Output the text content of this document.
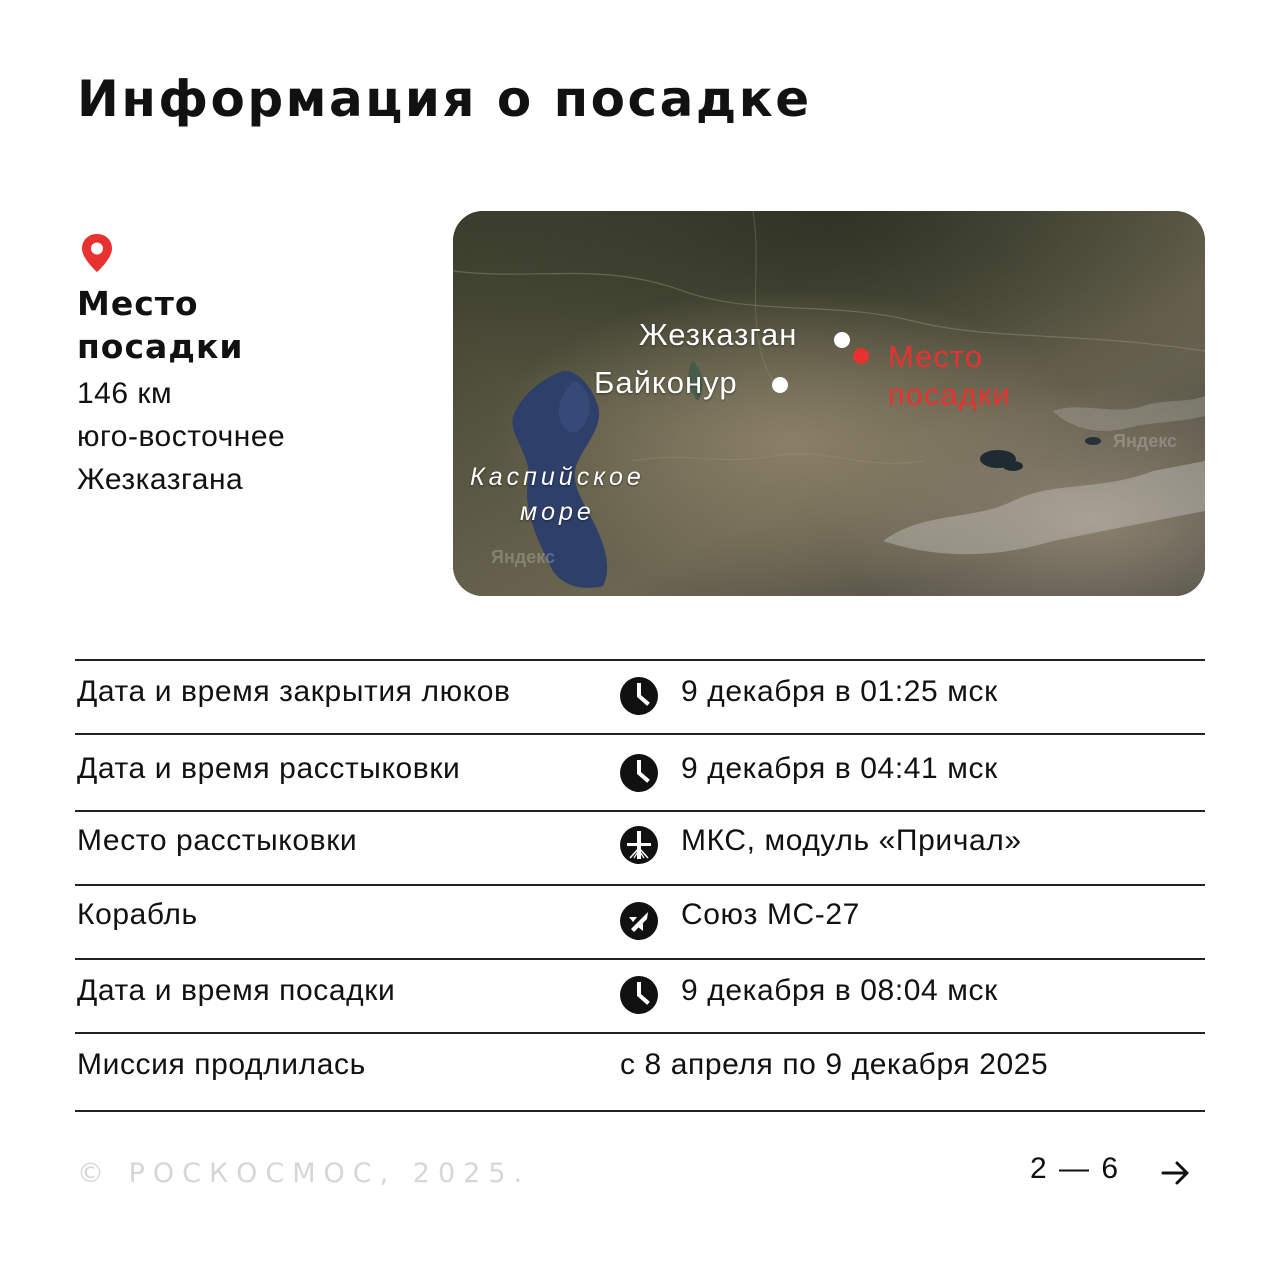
Информация о посадке

Место
посадки

146 км
юго-восточнее
Жезказгана

Яндекс
Яндекс
Жезказган
Байконур
Место
посадки
Каспийское
море
Дата и время закрытия люков	9 декабря в 01:25 мск
Дата и время расстыковки	9 декабря в 04:41 мск
Место расстыковки	МКС, модуль «Причал»
Корабль	Союз МС-27
Дата и время посадки	9 декабря в 08:04 мск
Миссия продлилась	с 8 апреля по 9 декабря 2025
© РОСКОСМОС, 2025.	2 — 6
